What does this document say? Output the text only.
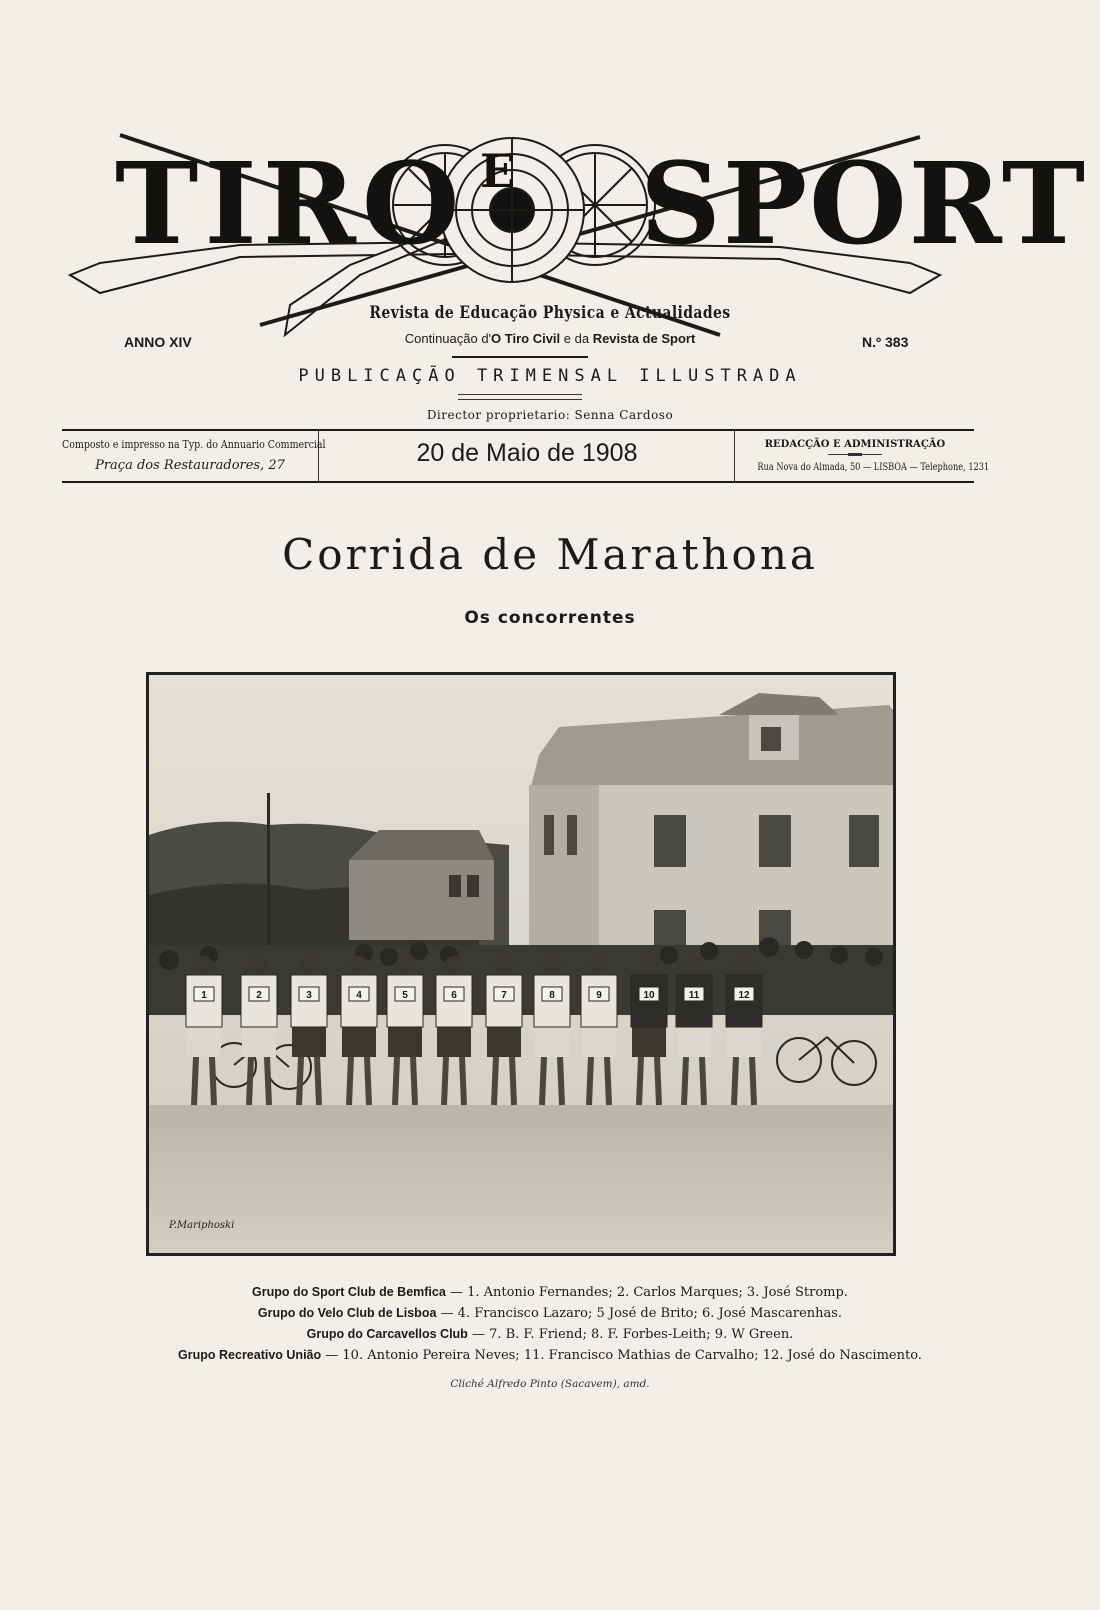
TIRO E SPORT
Revista de Educação Physica e Actualidades
ANNO XIV	Continuação d'O Tiro Civil e da Revista de Sport	N.º 383
PUBLICAÇÃO TRIMENSAL ILLUSTRADA
Director proprietario: Senna Cardoso
Composto e impresso na Typ. do Annuario Commercial
Praça dos Restauradores, 27	20 de Maio de 1908	REDACÇÃO E ADMINISTRAÇÃO
Rua Nova do Almada, 50 — LISBOA — Telephone, 1231
Corrida de Marathona
Os concorrentes
1	2	3	4	5	6	7	8	9	10	11	12
P.Mariphoski
Grupo do Sport Club de Bemfica — 1. Antonio Fernandes; 2. Carlos Marques; 3. José Stromp.
Grupo do Velo Club de Lisboa — 4. Francisco Lazaro; 5 José de Brito; 6. José Mascarenhas.
Grupo do Carcavellos Club — 7. B. F. Friend; 8. F. Forbes-Leith; 9. W Green.
Grupo Recreativo União — 10. Antonio Pereira Neves; 11. Francisco Mathias de Carvalho; 12. José do Nascimento.
Cliché Alfredo Pinto (Sacavem), amd.
